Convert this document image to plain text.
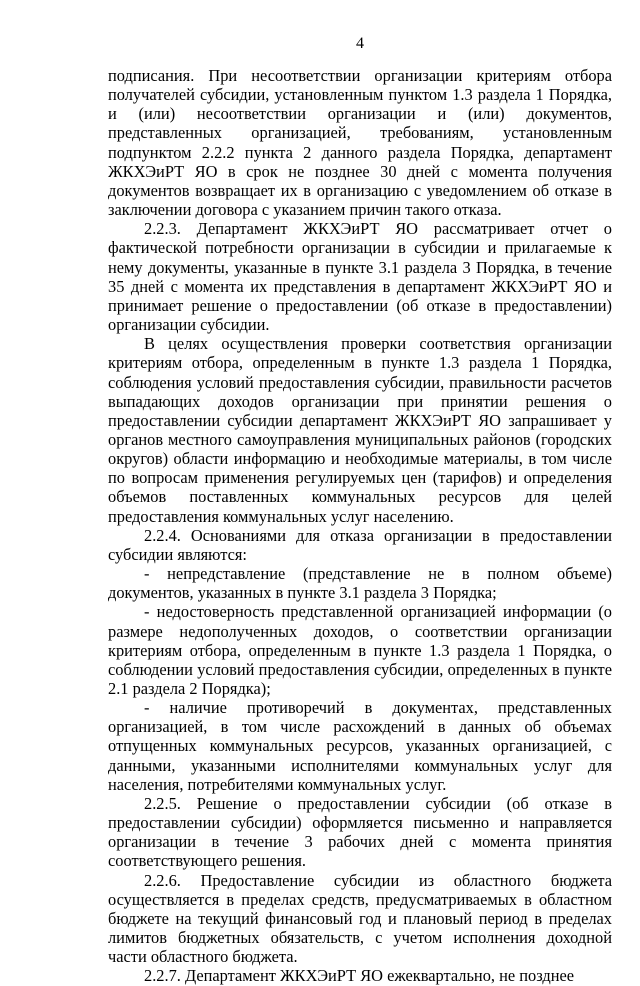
4

подписания. При несоответствии организации критериям отбора получателей субсидии, установленным пунктом 1.3 раздела 1 Порядка, и (или) несоответствии организации и (или) документов, представленных организацией, требованиям, установленным подпунктом 2.2.2 пункта 2 данного раздела Порядка, департамент ЖКХЭиРТ ЯО в срок не позднее 30 дней с момента получения документов возвращает их в организацию с уведомлением об отказе в заключении договора с указанием причин такого отказа.

2.2.3. Департамент ЖКХЭиРТ ЯО рассматривает отчет о фактической потребности организации в субсидии и прилагаемые к нему документы, указанные в пункте 3.1 раздела 3 Порядка, в течение 35 дней с момента их представления в департамент ЖКХЭиРТ ЯО и принимает решение о предоставлении (об отказе в предоставлении) организации субсидии.

В целях осуществления проверки соответствия организации критериям отбора, определенным в пункте 1.3 раздела 1 Порядка, соблюдения условий предоставления субсидии, правильности расчетов выпадающих доходов организации при принятии решения о предоставлении субсидии департамент ЖКХЭиРТ ЯО запрашивает у органов местного самоуправления муниципальных районов (городских округов) области информацию и необходимые материалы, в том числе по вопросам применения регулируемых цен (тарифов) и определения объемов поставленных коммунальных ресурсов для целей предоставления коммунальных услуг населению.

2.2.4. Основаниями для отказа организации в предоставлении субсидии являются:

- непредставление (представление не в полном объеме) документов, указанных в пункте 3.1 раздела 3 Порядка;

- недостоверность представленной организацией информации (о размере недополученных доходов, о соответствии организации критериям отбора, определенным в пункте 1.3 раздела 1 Порядка, о соблюдении условий предоставления субсидии, определенных в пункте 2.1 раздела 2 Порядка);

- наличие противоречий в документах, представленных организацией, в том числе расхождений в данных об объемах отпущенных коммунальных ресурсов, указанных организацией, с данными, указанными исполнителями коммунальных услуг для населения, потребителями коммунальных услуг.

2.2.5. Решение о предоставлении субсидии (об отказе в предоставлении субсидии) оформляется письменно и направляется организации в течение 3 рабочих дней с момента принятия соответствующего решения.

2.2.6. Предоставление субсидии из областного бюджета осуществляется в пределах средств, предусматриваемых в областном бюджете на текущий финансовый год и плановый период в пределах лимитов бюджетных обязательств, с учетом исполнения доходной части областного бюджета.

2.2.7. Департамент ЖКХЭиРТ ЯО ежеквартально, не позднее
